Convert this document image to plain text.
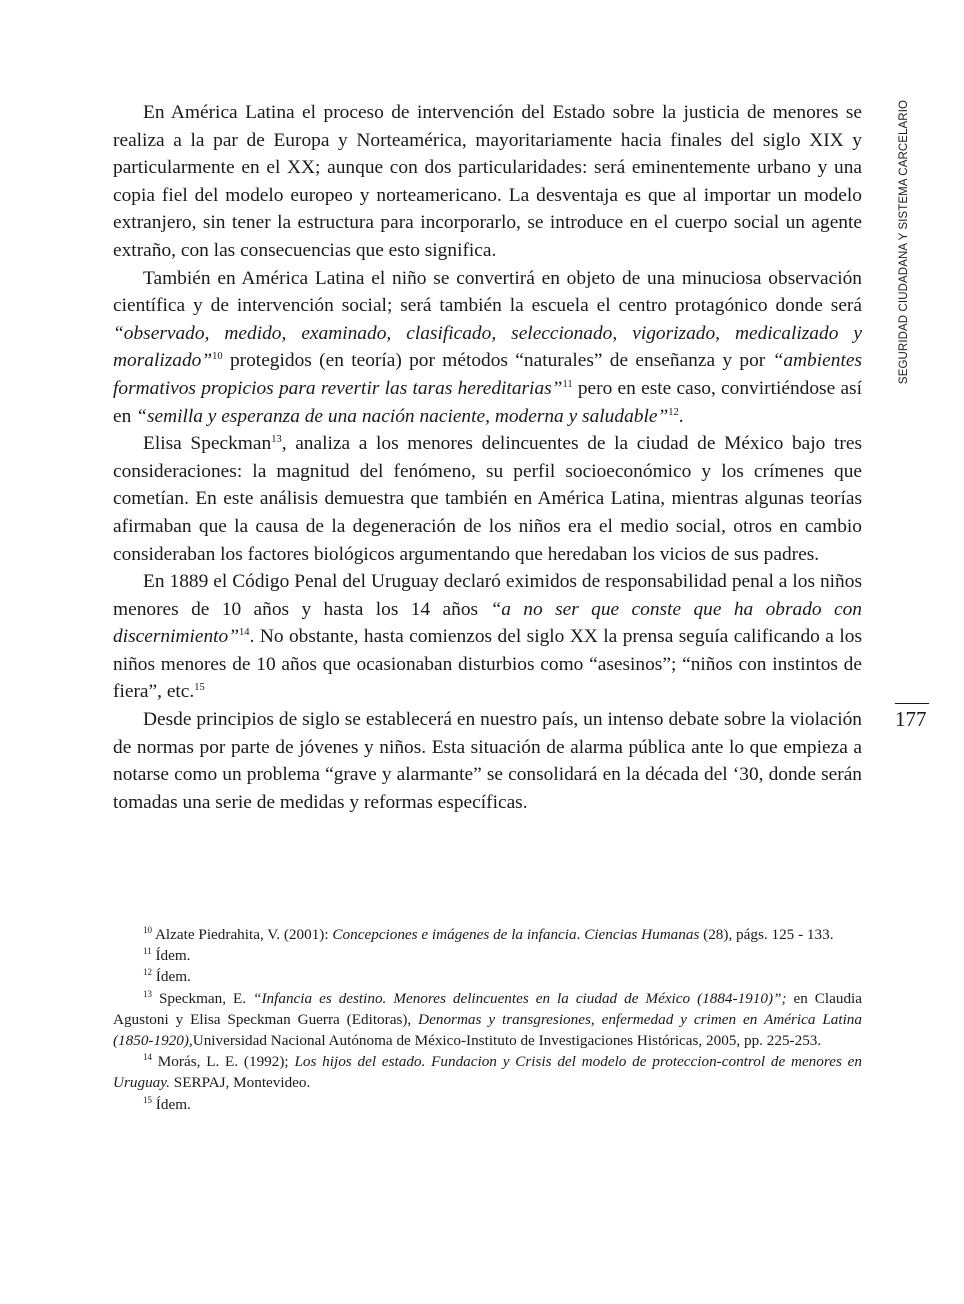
SEGURIDAD CIUDADANA Y SISTEMA CARCELARIO
177

En América Latina el proceso de intervención del Estado sobre la justicia de menores se realiza a la par de Europa y Norteamérica, mayoritariamente hacia finales del siglo XIX y particularmente en el XX; aunque con dos particularidades: será eminentemente urbano y una copia fiel del modelo europeo y norteamericano. La desventaja es que al importar un modelo extranjero, sin tener la estructura para incorporarlo, se introduce en el cuerpo social un agente extraño, con las consecuencias que esto significa.

También en América Latina el niño se convertirá en objeto de una minuciosa observación científica y de intervención social; será también la escuela el centro protagónico donde será “observado, medido, examinado, clasificado, seleccionado, vigorizado, medicalizado y moralizado”$^{10}$ protegidos (en teoría) por métodos “naturales” de enseñanza y por “ambientes formativos propicios para revertir las taras hereditarias”$^{11}$ pero en este caso, convirtiéndose así en “semilla y esperanza de una nación naciente, moderna y saludable”$^{12}$.

Elisa Speckman$^{13}$, analiza a los menores delincuentes de la ciudad de México bajo tres consideraciones: la magnitud del fenómeno, su perfil socioeconómico y los crímenes que cometían. En este análisis demuestra que también en América Latina, mientras algunas teorías afirmaban que la causa de la degeneración de los niños era el medio social, otros en cambio consideraban los factores biológicos argumentando que heredaban los vicios de sus padres.

En 1889 el Código Penal del Uruguay declaró eximidos de responsabilidad penal a los niños menores de 10 años y hasta los 14 años “a no ser que conste que ha obrado con discernimiento”$^{14}$. No obstante, hasta comienzos del siglo XX la prensa seguía calificando a los niños menores de 10 años que ocasionaban disturbios como “asesinos”; “niños con instintos de fiera”, etc.$^{15}$

Desde principios de siglo se establecerá en nuestro país, un intenso debate sobre la violación de normas por parte de jóvenes y niños. Esta situación de alarma pública ante lo que empieza a notarse como un problema “grave y alarmante” se consolidará en la década del ‘30, donde serán tomadas una serie de medidas y reformas específicas.

$^{10}$ Alzate Piedrahita, V. (2001): Concepciones e imágenes de la infancia. Ciencias Humanas (28), págs. 125 - 133.

$^{11}$ Ídem.

$^{12}$ Ídem.

$^{13}$ Speckman, E. “Infancia es destino. Menores delincuentes en la ciudad de México (1884-1910)”; en Claudia Agustoni y Elisa Speckman Guerra (Editoras), Denormas y transgresiones, enfermedad y crimen en América Latina (1850-1920),Universidad Nacional Autónoma de México-Instituto de Investigaciones Históricas, 2005, pp. 225-253.

$^{14}$ Morás, L. E. (1992); Los hijos del estado. Fundacion y Crisis del modelo de proteccion-control de menores en Uruguay. SERPAJ, Montevideo.

$^{15}$ Ídem.
